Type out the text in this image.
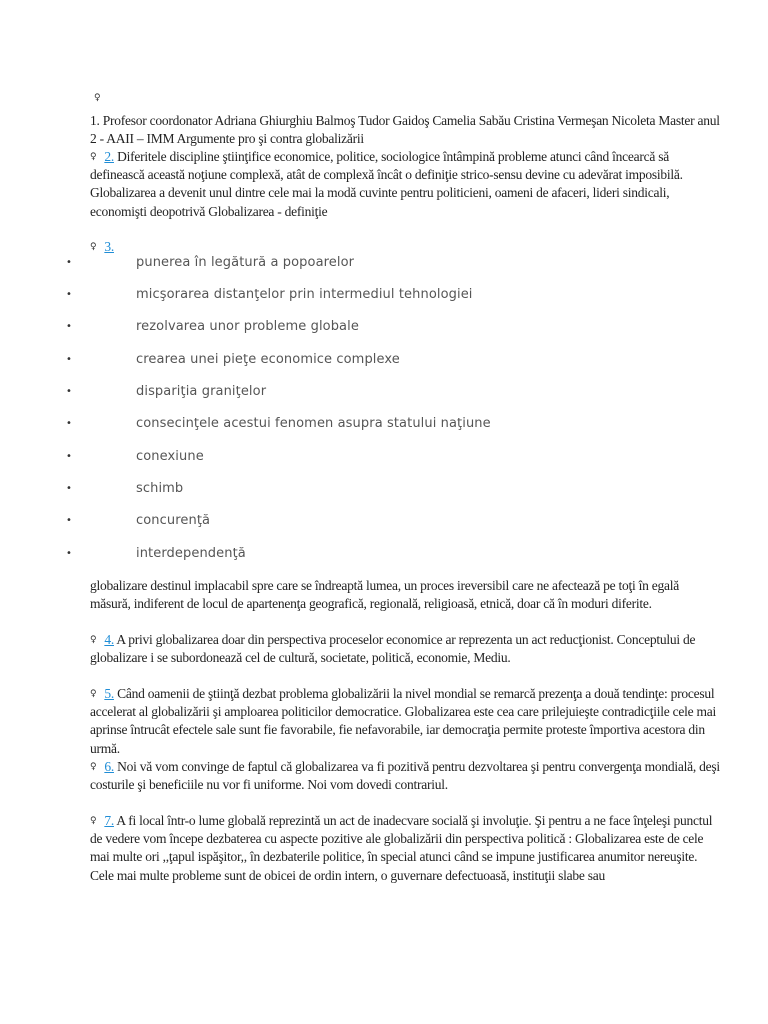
♀

1. Profesor coordonator Adriana Ghiurghiu Balmoş Tudor Gaidoş Camelia Sabău Cristina Vermeşan Nicoleta Master anul 2 - AAII – IMM Argumente pro şi contra globalizării

♀ 2. Diferitele discipline ştiinţifice economice, politice, sociologice întâmpină probleme atunci când încearcă să definească această noţiune complexă, atât de complexă încât o definiţie strico-sensu devine cu adevărat imposibilă. Globalizarea a devenit unul dintre cele mai la modă cuvinte pentru politicieni, oameni de afaceri, lideri sindicali, economişti deopotrivă Globalizarea - definiţie

♀ 3.

•	punerea în legătură a popoarelor
•	micşorarea distanţelor prin intermediul tehnologiei
•	rezolvarea unor probleme globale
•	crearea unei pieţe economice complexe
•	dispariţia graniţelor
•	consecinţele acestui fenomen asupra statului naţiune
•	conexiune
•	schimb
•	concurenţă
•	interdependenţă

globalizare destinul implacabil spre care se îndreaptă lumea, un proces ireversibil care ne afectează pe toţi în egală măsură, indiferent de locul de apartenenţa geografică, regională, religioasă, etnică, doar că în moduri diferite.

♀ 4. A privi globalizarea doar din perspectiva proceselor economice ar reprezenta un act reducţionist. Conceptului de globalizare i se subordonează cel de cultură, societate, politică, economie, Mediu.

♀ 5. Când oamenii de ştiinţă dezbat problema globalizării la nivel mondial se remarcă prezenţa a două tendinţe: procesul accelerat al globalizării şi amploarea politicilor democratice. Globalizarea este cea care prilejuieşte contradicţiile cele mai aprinse întrucât efectele sale sunt fie favorabile, fie nefavorabile, iar democraţia permite proteste împortiva acestora din urmă.

♀ 6. Noi vă vom convinge de faptul că globalizarea va fi pozitivă pentru dezvoltarea şi pentru convergenţa mondială, deşi costurile şi beneficiile nu vor fi uniforme. Noi vom dovedi contrariul.

♀ 7. A fi local într-o lume globală reprezintă un act de inadecvare socială şi involuţie. Şi pentru a ne face înţeleşi punctul de vedere vom începe dezbaterea cu aspecte pozitive ale globalizării din perspectiva politică : Globalizarea este de cele mai multe ori ,,ţapul ispăşitor,, în dezbaterile politice, în special atunci când se impune justificarea anumitor nereuşite. Cele mai multe probleme sunt de obicei de ordin intern, o guvernare defectuoasă, instituţii slabe sau
